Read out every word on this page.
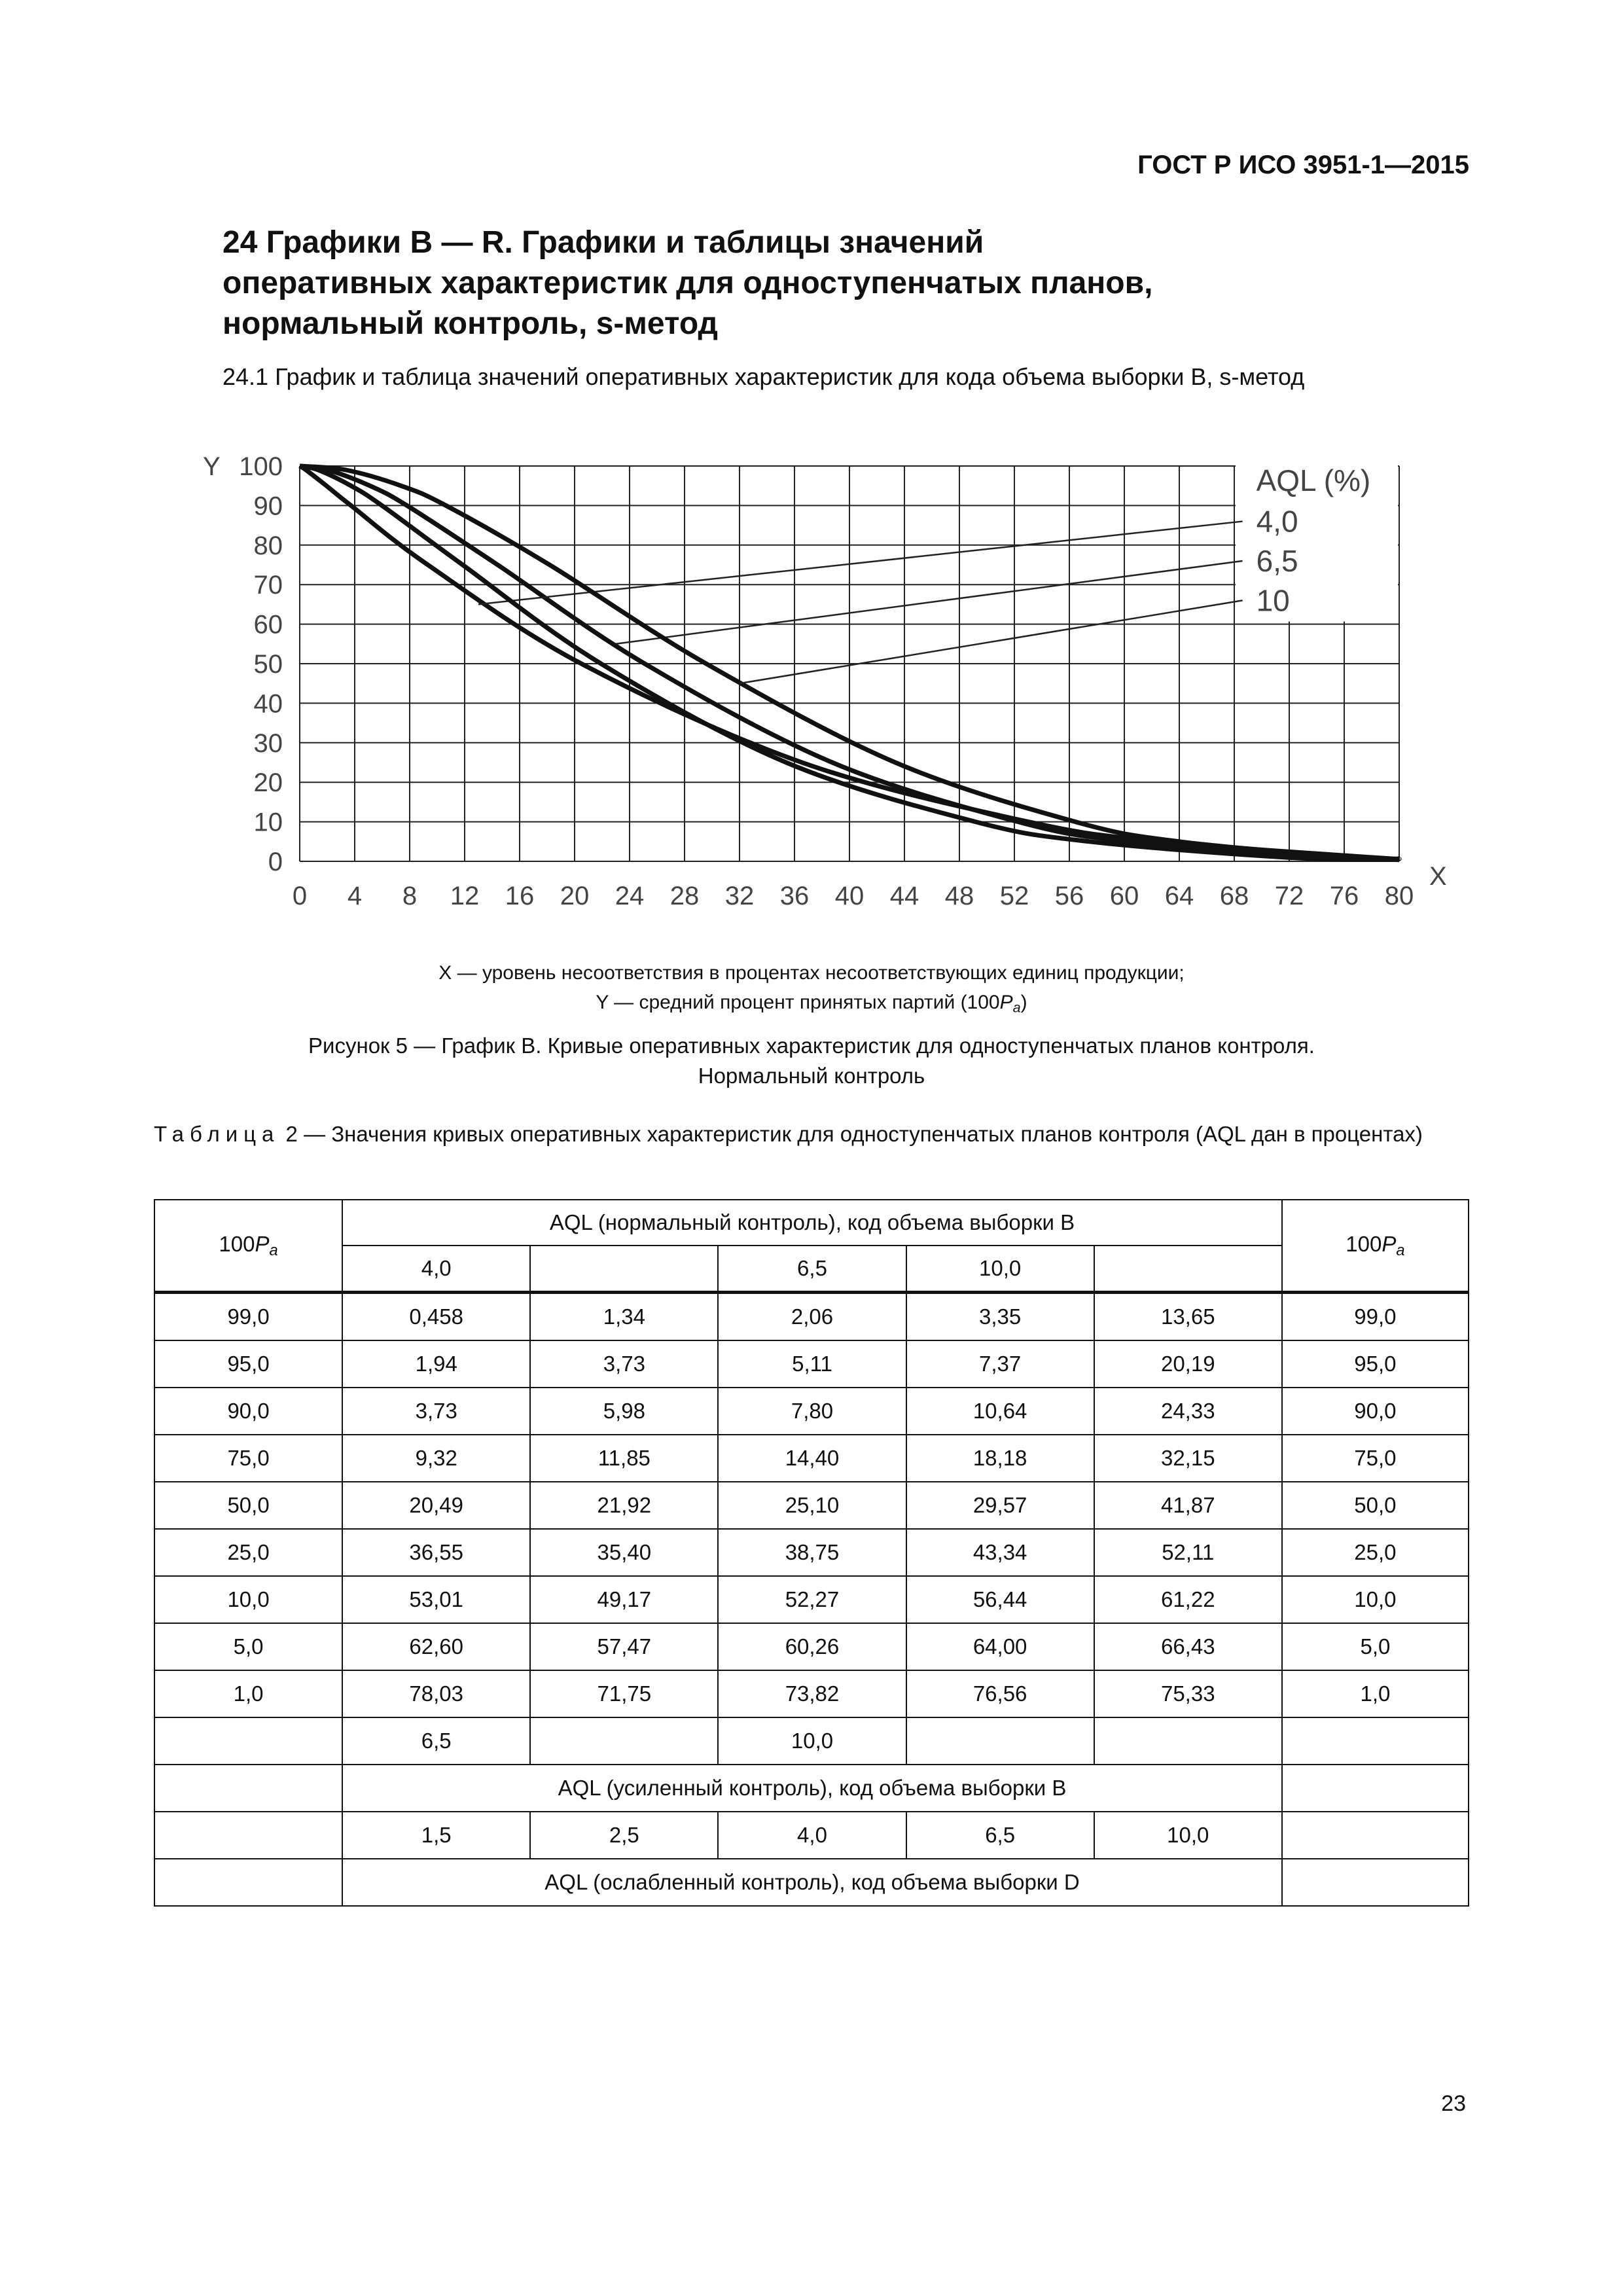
ГОСТ Р ИСО 3951-1—2015
24 Графики B — R. Графики и таблицы значений
оперативных характеристик для одноступенчатых планов,
нормальный контроль, s-метод
24.1 График и таблица значений оперативных характеристик для кода объема выборки B, s-метод
0 4 8 12 16 20 24 28 32 36 40 44 48 52 56 60 64 68 72 76 80
100
90
80
70
60
50
40
30
20
10
0
Y
X
AQL (%)
4,0
6,5
10
X — уровень несоответствия в процентах несоответствующих единиц продукции;
Y — средний процент принятых партий $(100P_a)$
Рисунок 5 — График B. Кривые оперативных характеристик для одноступенчатых планов контроля.
Нормальный контроль
Таблица 2 — Значения кривых оперативных характеристик для одноступенчатых планов контроля (AQL дан в процентах)
$100P_a$	AQL (нормальный контроль), код объема выборки B					$100P_a$
	4,0		6,5	10,0		
99,0	0,458	1,34	2,06	3,35	13,65	99,0
95,0	1,94	3,73	5,11	7,37	20,19	95,0
90,0	3,73	5,98	7,80	10,64	24,33	90,0
75,0	9,32	11,85	14,40	18,18	32,15	75,0
50,0	20,49	21,92	25,10	29,57	41,87	50,0
25,0	36,55	35,40	38,75	43,34	52,11	25,0
10,0	53,01	49,17	52,27	56,44	61,22	10,0
5,0	62,60	57,47	60,26	64,00	66,43	5,0
1,0	78,03	71,75	73,82	76,56	75,33	1,0
	6,5		10,0			
	AQL (усиленный контроль), код объема выборки B					
	1,5	2,5	4,0	6,5	10,0	
	AQL (ослабленный контроль), код объема выборки D					
23
